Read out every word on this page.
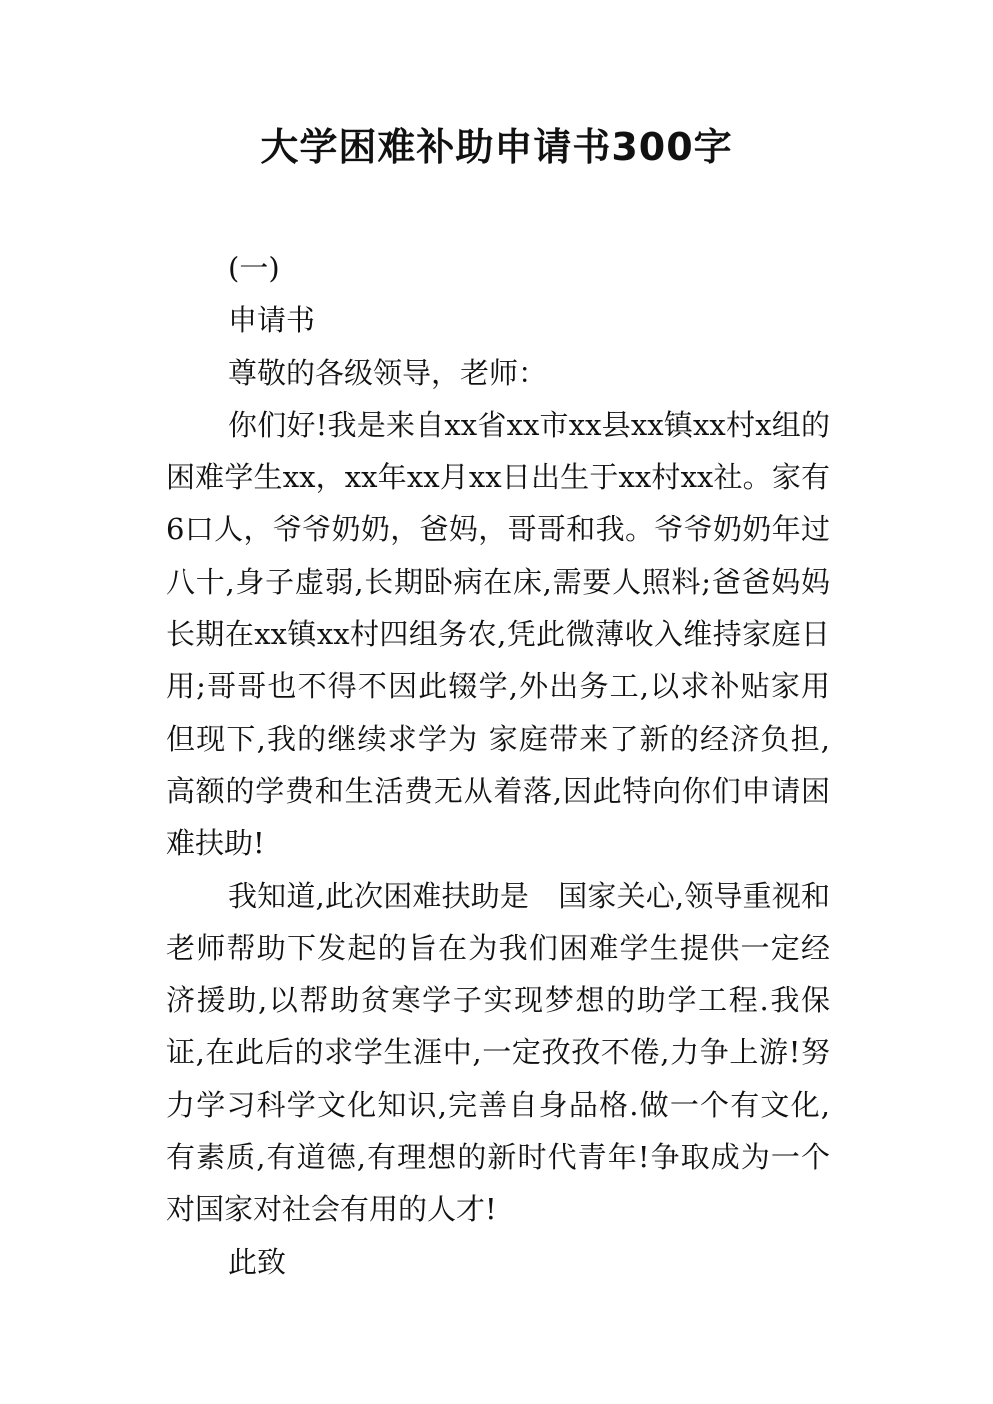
大学困难补助申请书300字

(一)

申请书

尊敬的各级领导，老师：

你们好!我是来自xx省xx市xx县xx镇xx村x组的困难学生xx，xx年xx月xx日出生于xx村xx社。家有6口人，爷爷奶奶，爸妈，哥哥和我。爷爷奶奶年过八十,身子虚弱,长期卧病在床,需要人照料;爸爸妈妈长期在xx镇xx村四组务农,凭此微薄收入维持家庭日用;哥哥也不得不因此辍学,外出务工,以求补贴家用但现下,我的继续求学为 家庭带来了新的经济负担,高额的学费和生活费无从着落,因此特向你们申请困难扶助!

我知道,此次困难扶助是　国家关心,领导重视和老师帮助下发起的旨在为我们困难学生提供一定经济援助,以帮助贫寒学子实现梦想的助学工程.我保证,在此后的求学生涯中,一定孜孜不倦,力争上游!努力学习科学文化知识,完善自身品格.做一个有文化,有素质,有道德,有理想的新时代青年!争取成为一个对国家对社会有用的人才!

此致
